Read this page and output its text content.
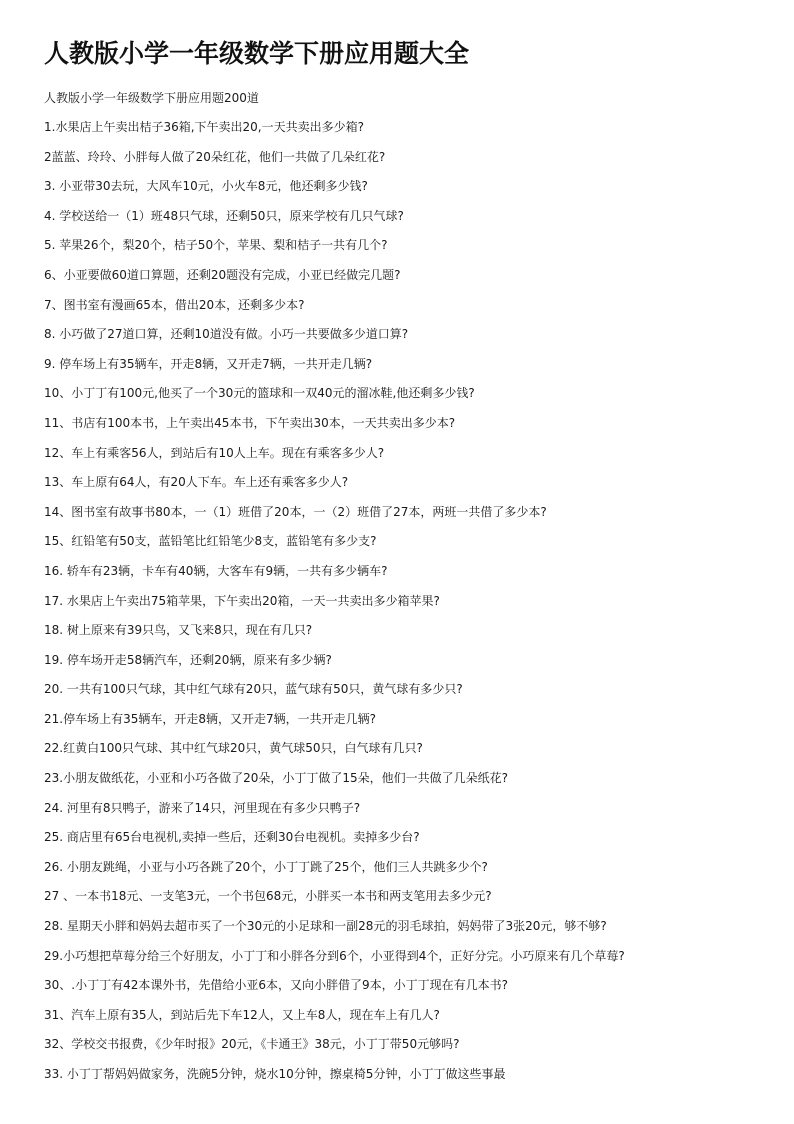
人教版小学一年级数学下册应用题大全
人教版小学一年级数学下册应用题200道
1.水果店上午卖出桔子36箱,下午卖出20,一天共卖出多少箱?
2蓝蓝、玲玲、小胖每人做了20朵红花，他们一共做了几朵红花?
3. 小亚带30去玩，大风车10元，小火车8元，他还剩多少钱?
4. 学校送给一（1）班48只气球，还剩50只，原来学校有几只气球?
5. 苹果26个，梨20个，桔子50个，苹果、梨和桔子一共有几个?
6、小亚要做60道口算题，还剩20题没有完成，小亚已经做完几题?
7、图书室有漫画65本，借出20本，还剩多少本?
8. 小巧做了27道口算，还剩10道没有做。小巧一共要做多少道口算?
9. 停车场上有35辆车，开走8辆，又开走7辆，一共开走几辆?
10、小丁丁有100元,他买了一个30元的篮球和一双40元的溜冰鞋,他还剩多少钱?
11、书店有100本书，上午卖出45本书，下午卖出30本，一天共卖出多少本?
12、车上有乘客56人，到站后有10人上车。现在有乘客多少人?
13、车上原有64人，有20人下车。车上还有乘客多少人?
14、图书室有故事书80本，一（1）班借了20本，一（2）班借了27本，两班一共借了多少本?
15、红铅笔有50支，蓝铅笔比红铅笔少8支，蓝铅笔有多少支?
16. 轿车有23辆，卡车有40辆，大客车有9辆，一共有多少辆车?
17. 水果店上午卖出75箱苹果，下午卖出20箱，一天一共卖出多少箱苹果?
18. 树上原来有39只鸟，又飞来8只，现在有几只?
19. 停车场开走58辆汽车，还剩20辆，原来有多少辆?
20. 一共有100只气球，其中红气球有20只，蓝气球有50只，黄气球有多少只?
21.停车场上有35辆车，开走8辆，又开走7辆，一共开走几辆?
22.红黄白100只气球、其中红气球20只，黄气球50只，白气球有几只?
23.小朋友做纸花，小亚和小巧各做了20朵，小丁丁做了15朵，他们一共做了几朵纸花?
24. 河里有8只鸭子，游来了14只，河里现在有多少只鸭子?
25. 商店里有65台电视机,卖掉一些后，还剩30台电视机。卖掉多少台?
26. 小朋友跳绳，小亚与小巧各跳了20个，小丁丁跳了25个，他们三人共跳多少个?
27 、一本书18元、一支笔3元，一个书包68元，小胖买一本书和两支笔用去多少元?
28. 星期天小胖和妈妈去超市买了一个30元的小足球和一副28元的羽毛球拍，妈妈带了3张20元，够不够?
29.小巧想把草莓分给三个好朋友，小丁丁和小胖各分到6个，小亚得到4个，正好分完。小巧原来有几个草莓?
30、.小丁丁有42本课外书，先借给小亚6本，又向小胖借了9本，小丁丁现在有几本书?
31、汽车上原有35人，到站后先下车12人，又上车8人，现在车上有几人?
32、学校交书报费，《少年时报》20元，《卡通王》38元，小丁丁带50元够吗?
33. 小丁丁帮妈妈做家务，洗碗5分钟，烧水10分钟，擦桌椅5分钟，小丁丁做这些事最
